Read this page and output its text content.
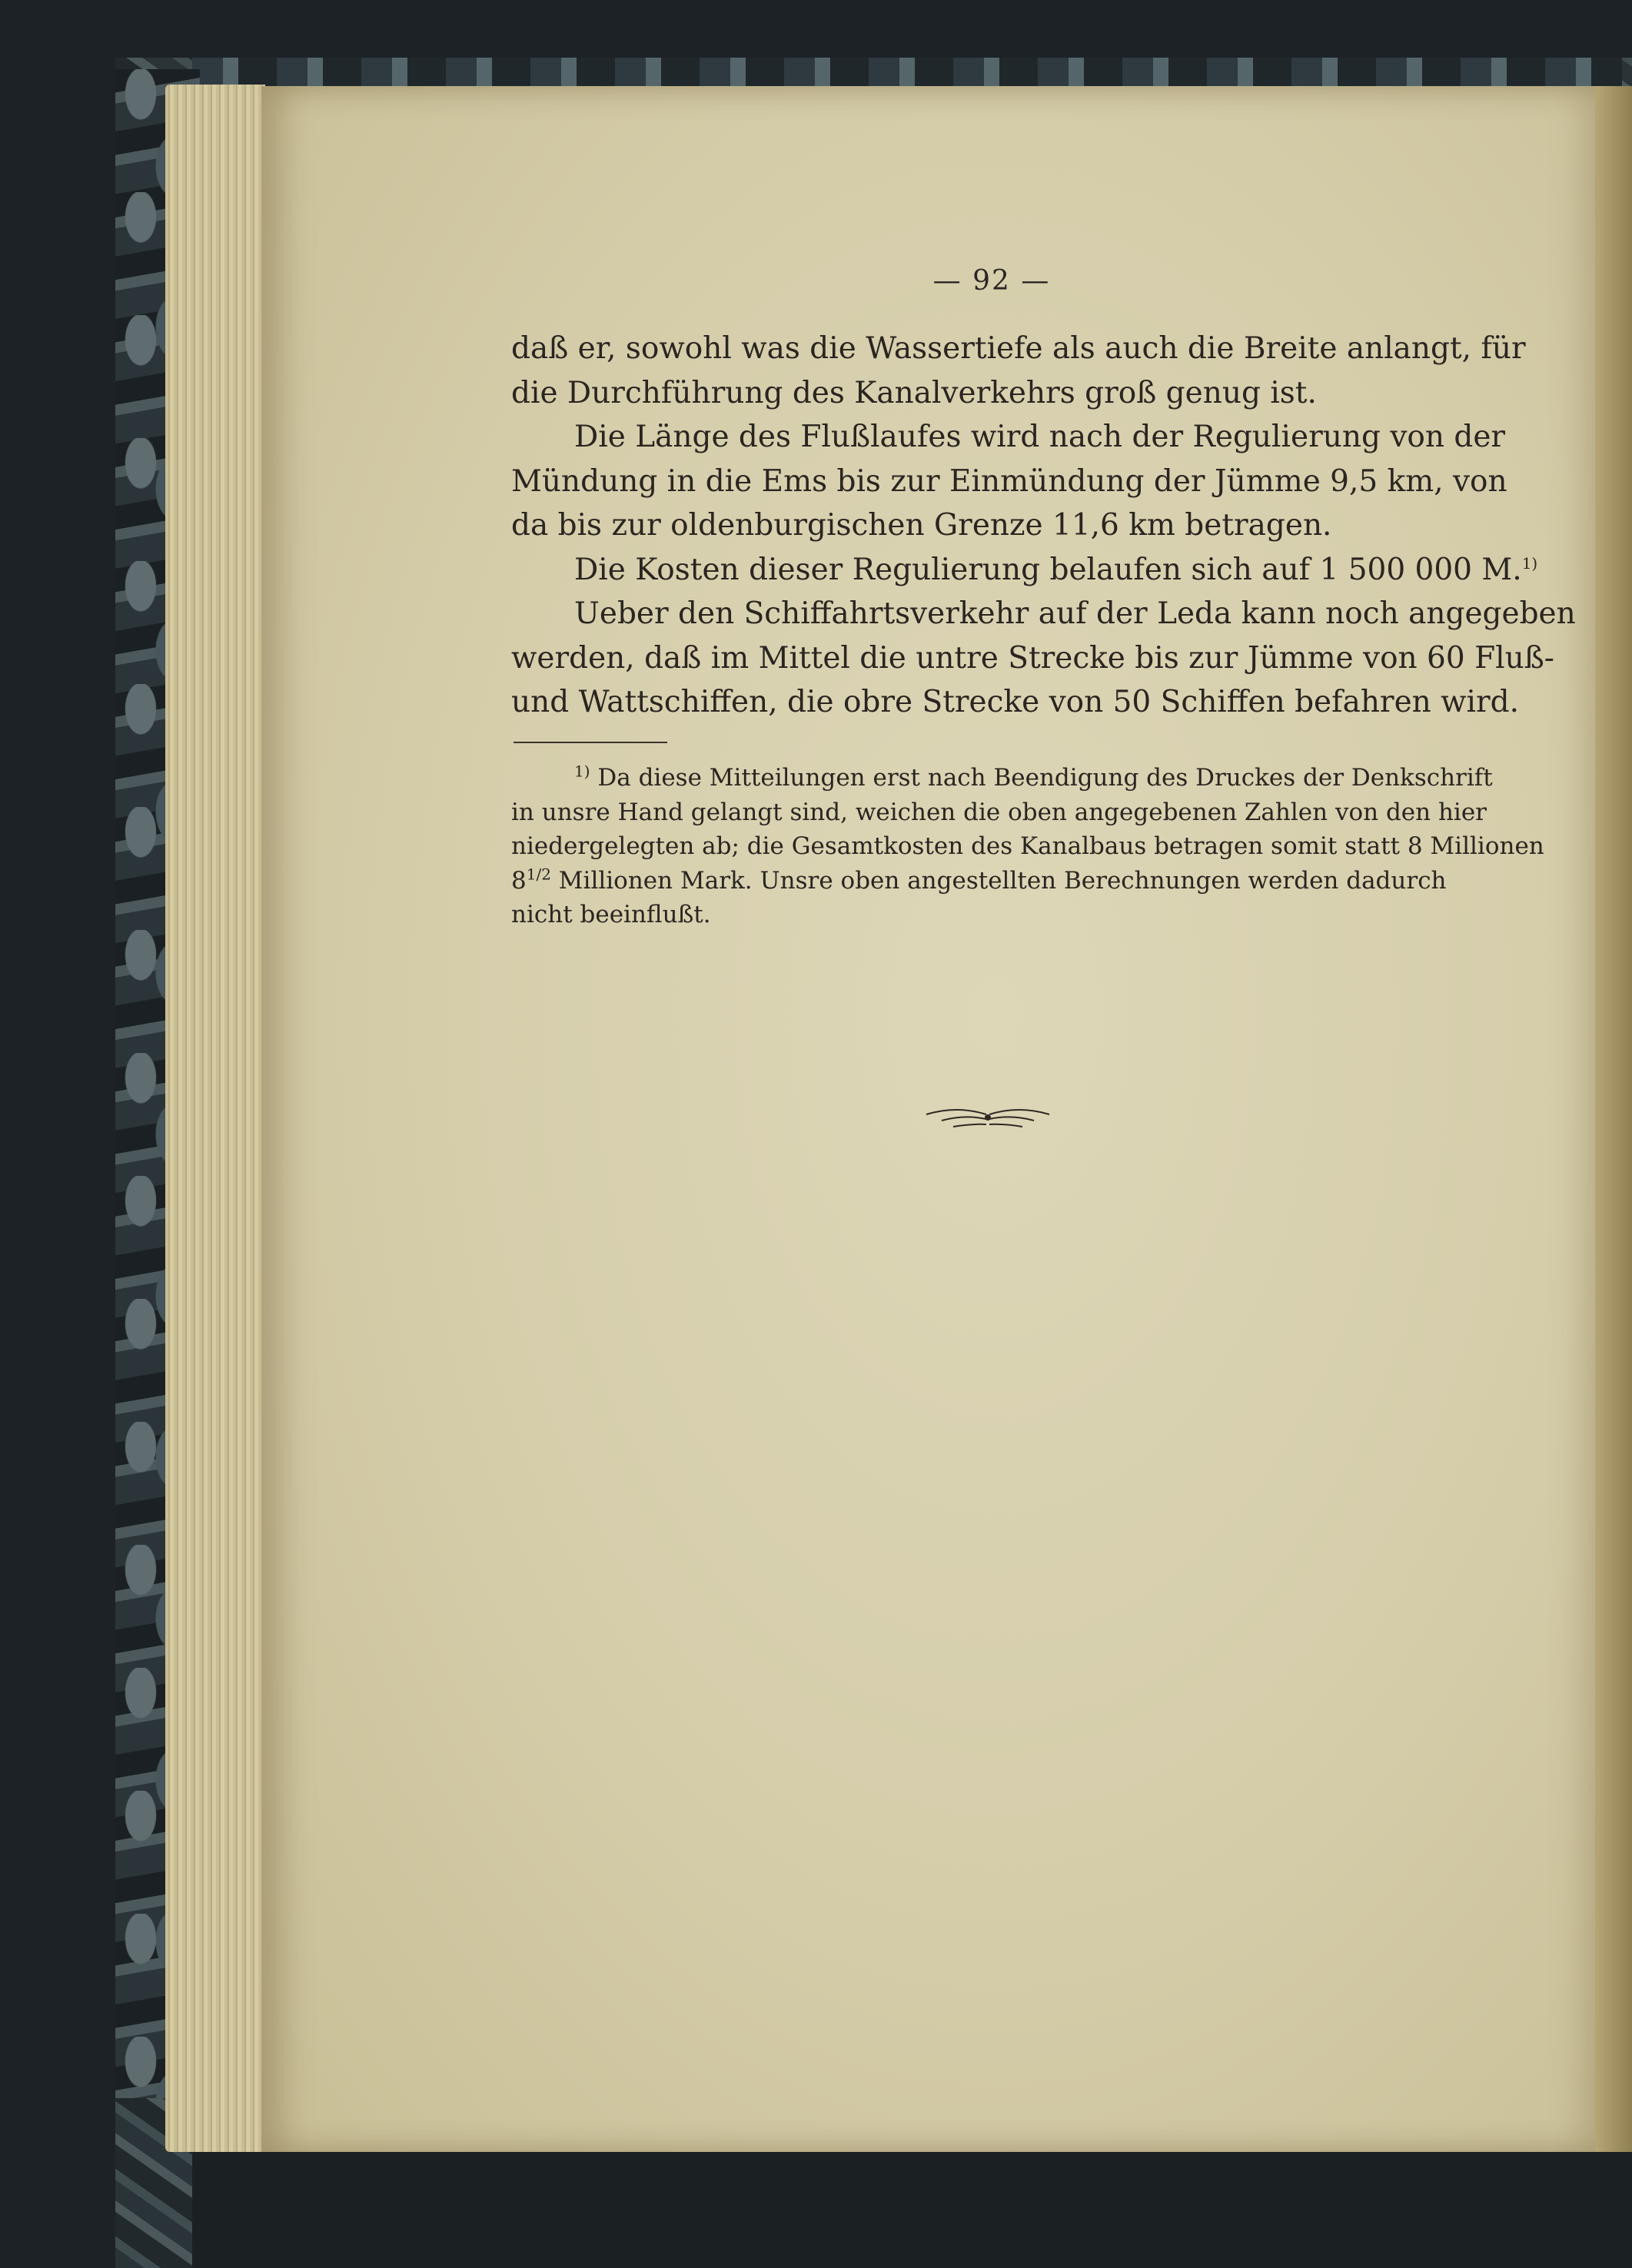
— 92 —
daß er, sowohl was die Wassertiefe als auch die Breite anlangt, für
die Durchführung des Kanalverkehrs groß genug ist.
Die Länge des Flußlaufes wird nach der Regulierung von der
Mündung in die Ems bis zur Einmündung der Jümme 9,5 km, von
da bis zur oldenburgischen Grenze 11,6 km betragen.
Die Kosten dieser Regulierung belaufen sich auf 1 500 000 M.$^{1)}$
Ueber den Schiffahrtsverkehr auf der Leda kann noch angegeben
werden, daß im Mittel die untre Strecke bis zur Jümme von 60 Fluß-
und Wattschiffen, die obre Strecke von 50 Schiffen befahren wird.
$^{1)}$ Da diese Mitteilungen erst nach Beendigung des Druckes der Denkschrift
in unsre Hand gelangt sind, weichen die oben angegebenen Zahlen von den hier
niedergelegten ab; die Gesamtkosten des Kanalbaus betragen somit statt 8 Millionen
$8^{1/2}$ Millionen Mark. Unsre oben angestellten Berechnungen werden dadurch
nicht beeinflußt.
